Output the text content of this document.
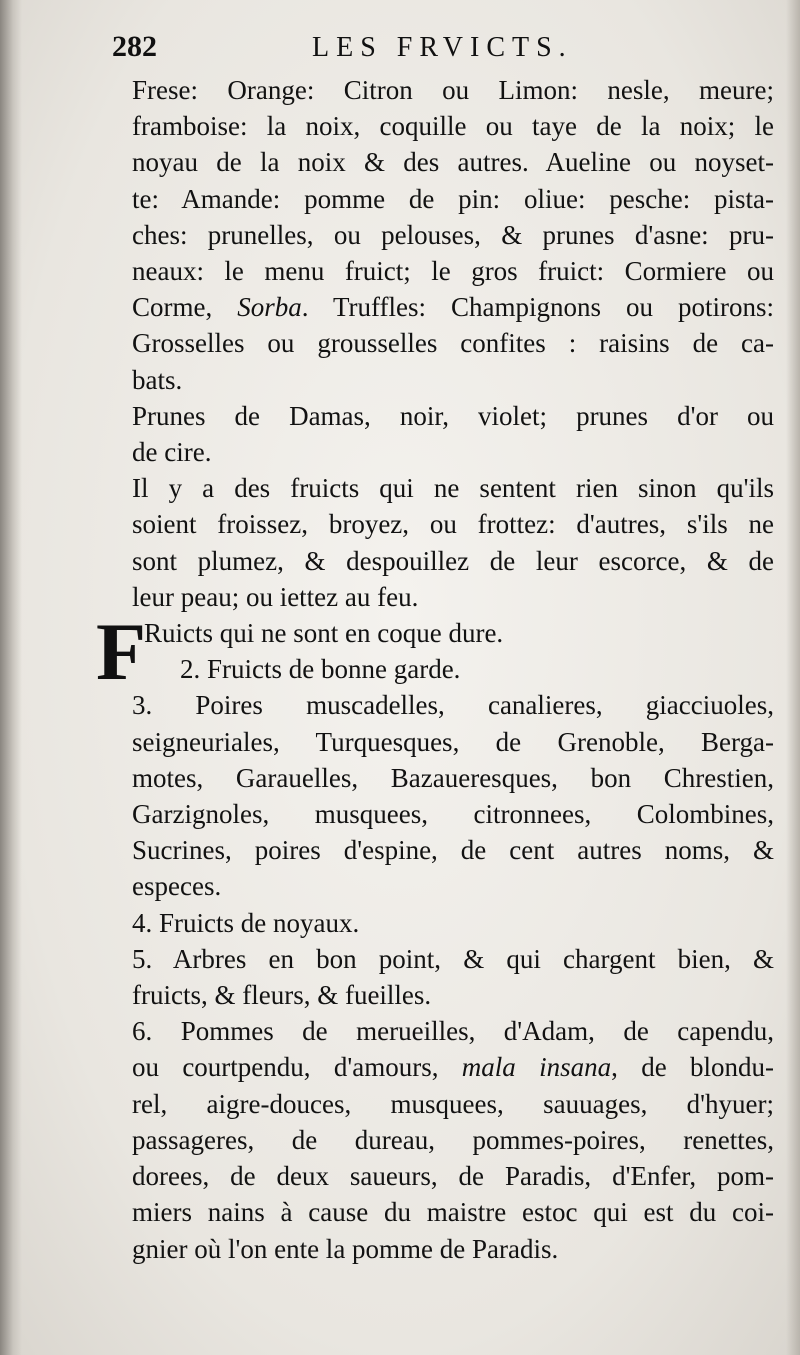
282	LES FRVICTS.

Frese: Orange: Citron ou Limon: nesle, meure;
framboise: la noix, coquille ou taye de la noix; le
noyau de la noix & des autres. Aueline ou noyset-
te: Amande: pomme de pin: oliue: pesche: pista-
ches: prunelles, ou pelouses, & prunes d'asne: pru-
neaux: le menu fruict; le gros fruict: Cormiere ou
Corme, Sorba. Truffles: Champignons ou potirons:
Grosselles ou grousselles confites : raisins de ca-
bats.

Prunes de Damas, noir, violet; prunes d'or ou
de cire.

Il y a des fruicts qui ne sentent rien sinon qu'ils
soient froissez, broyez, ou frottez: d'autres, s'ils ne
sont plumez, & despouillez de leur escorce, & de
leur peau; ou iettez au feu.

F
Ruicts qui ne sont en coque dure.
2. Fruicts de bonne garde.

3. Poires muscadelles, canalieres, giacciuoles,
seigneuriales, Turquesques, de Grenoble, Berga-
motes, Garauelles, Bazaueresques, bon Chrestien,
Garzignoles, musquees, citronnees, Colombines,
Sucrines, poires d'espine, de cent autres noms, &
especes.

4. Fruicts de noyaux.

5. Arbres en bon point, & qui chargent bien, &
fruicts, & fleurs, & fueilles.

6. Pommes de merueilles, d'Adam, de capendu,
ou courtpendu, d'amours, mala insana, de blondu-
rel, aigre-douces, musquees, sauuages, d'hyuer;
passageres, de dureau, pommes-poires, renettes,
dorees, de deux saueurs, de Paradis, d'Enfer, pom-
miers nains à cause du maistre estoc qui est du coi-
gnier où l'on ente la pomme de Paradis.
